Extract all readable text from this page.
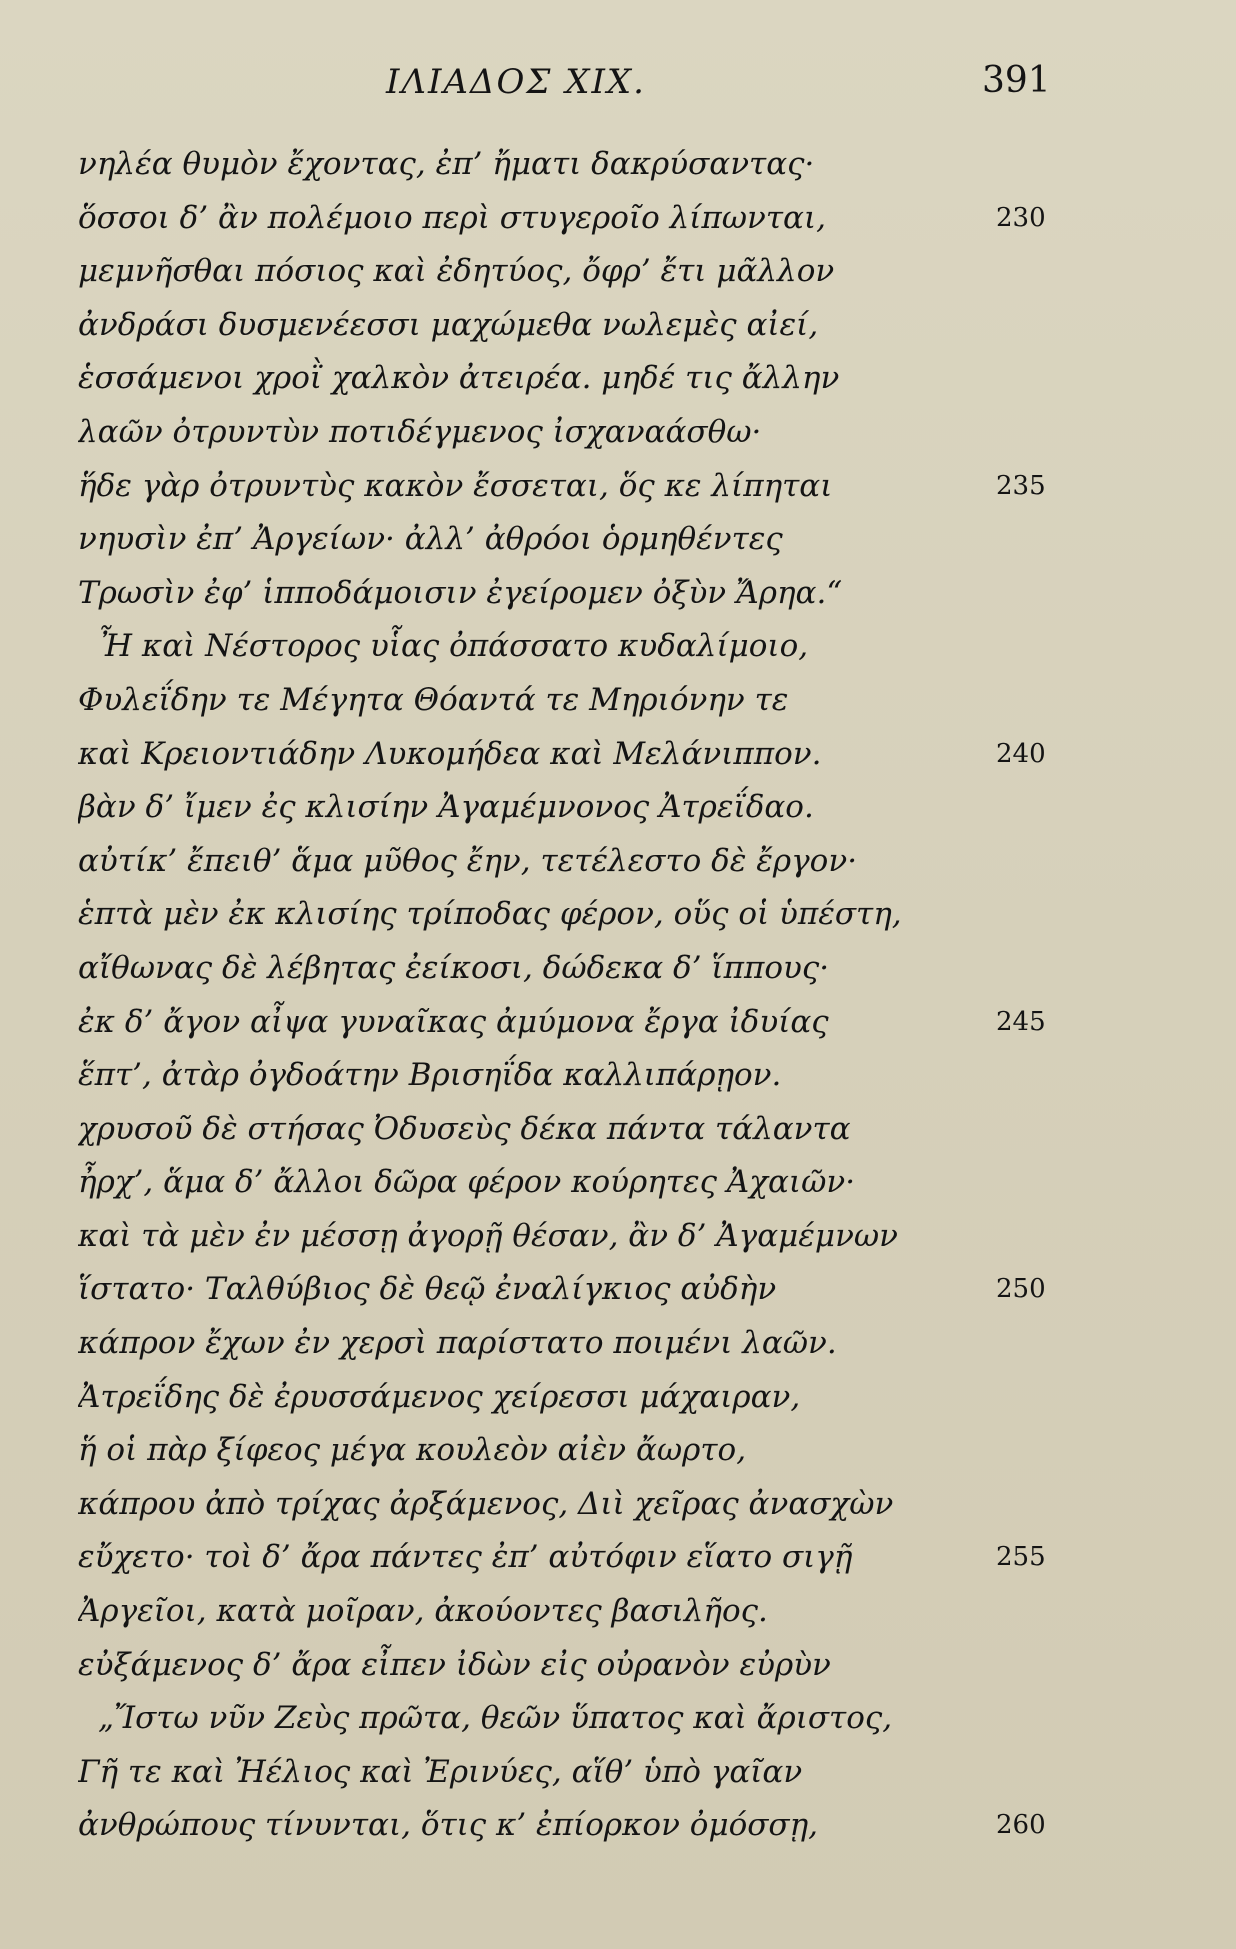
ΙΛΙΑΔΟΣ XIX.	391
νηλέα θυμὸν ἔχοντας, ἐπ’ ἤματι δακρύσαντας·
ὅσσοι δ’ ἂν πολέμοιο περὶ στυγεροῖο λίπωνται,	230
μεμνῆσθαι πόσιος καὶ ἐδητύος, ὄφρ’ ἔτι μᾶλλον
ἀνδράσι δυσμενέεσσι μαχώμεθα νωλεμὲς αἰεί,
ἑσσάμενοι χροῒ χαλκὸν ἀτειρέα. μηδέ τις ἄλλην
λαῶν ὀτρυντὺν ποτιδέγμενος ἰσχαναάσθω·
ἥδε γὰρ ὀτρυντὺς κακὸν ἔσσεται, ὅς κε λίπηται	235
νηυσὶν ἐπ’ Ἀργείων· ἀλλ’ ἀθρόοι ὁρμηθέντες
Τρωσὶν ἐφ’ ἱπποδάμοισιν ἐγείρομεν ὀξὺν Ἄρηα.“
Ἦ καὶ Νέστορος υἷας ὀπάσσατο κυδαλίμοιο,
Φυλεΐδην τε Μέγητα Θόαντά τε Μηριόνην τε
καὶ Κρειοντιάδην Λυκομήδεα καὶ Μελάνιππον.	240
βὰν δ’ ἴμεν ἐς κλισίην Ἀγαμέμνονος Ἀτρεΐδαο.
αὐτίκ’ ἔπειθ’ ἅμα μῦθος ἔην, τετέλεστο δὲ ἔργον·
ἑπτὰ μὲν ἐκ κλισίης τρίποδας φέρον, οὕς οἱ ὑπέστη,
αἴθωνας δὲ λέβητας ἐείκοσι, δώδεκα δ’ ἵππους·
ἐκ δ’ ἄγον αἶψα γυναῖκας ἀμύμονα ἔργα ἰδυίας	245
ἕπτ’, ἀτὰρ ὀγδοάτην Βρισηΐδα καλλιπάρῃον.
χρυσοῦ δὲ στήσας Ὀδυσεὺς δέκα πάντα τάλαντα
ἦρχ’, ἅμα δ’ ἄλλοι δῶρα φέρον κούρητες Ἀχαιῶν·
καὶ τὰ μὲν ἐν μέσσῃ ἀγορῇ θέσαν, ἂν δ’ Ἀγαμέμνων
ἵστατο· Ταλθύβιος δὲ θεῷ ἐναλίγκιος αὐδὴν	250
κάπρον ἔχων ἐν χερσὶ παρίστατο ποιμένι λαῶν.
Ἀτρεΐδης δὲ ἐρυσσάμενος χείρεσσι μάχαιραν,
ἥ οἱ πὰρ ξίφεος μέγα κουλεὸν αἰὲν ἄωρτο,
κάπρου ἀπὸ τρίχας ἀρξάμενος, Διὶ χεῖρας ἀνασχὼν
εὔχετο· τοὶ δ’ ἄρα πάντες ἐπ’ αὐτόφιν εἵατο σιγῇ	255
Ἀργεῖοι, κατὰ μοῖραν, ἀκούοντες βασιλῆος.
εὐξάμενος δ’ ἄρα εἶπεν ἰδὼν εἰς οὐρανὸν εὐρὺν
„Ἴστω νῦν Ζεὺς πρῶτα, θεῶν ὕπατος καὶ ἄριστος,
Γῆ τε καὶ Ἠέλιος καὶ Ἐρινύες, αἵθ’ ὑπὸ γαῖαν
ἀνθρώπους τίνυνται, ὅτις κ’ ἐπίορκον ὀμόσσῃ,	260
